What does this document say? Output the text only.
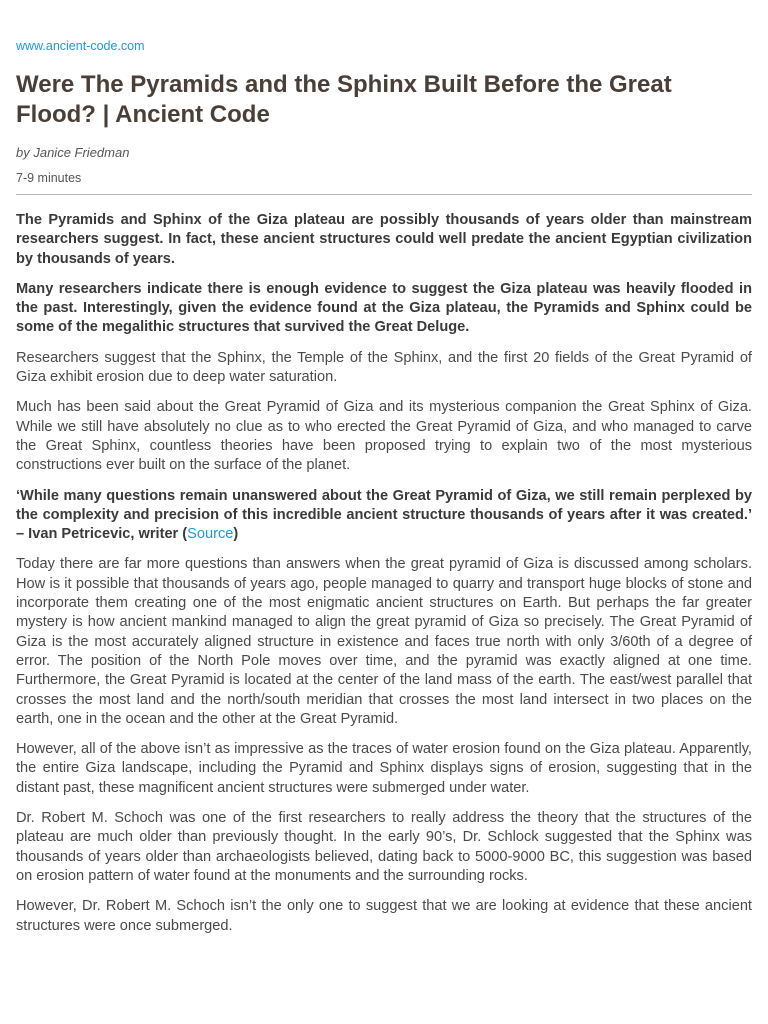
www.ancient-code.com
Were The Pyramids and the Sphinx Built Before the Great Flood? | Ancient Code
by Janice Friedman
7-9 minutes

The Pyramids and Sphinx of the Giza plateau are possibly thousands of years older than mainstream researchers suggest. In fact, these ancient structures could well predate the ancient Egyptian civilization by thousands of years.

Many researchers indicate there is enough evidence to suggest the Giza plateau was heavily flooded in the past. Interestingly, given the evidence found at the Giza plateau, the Pyramids and Sphinx could be some of the megalithic structures that survived the Great Deluge.

Researchers suggest that the Sphinx, the Temple of the Sphinx, and the first 20 fields of the Great Pyramid of Giza exhibit erosion due to deep water saturation.

Much has been said about the Great Pyramid of Giza and its mysterious companion the Great Sphinx of Giza. While we still have absolutely no clue as to who erected the Great Pyramid of Giza, and who managed to carve the Great Sphinx, countless theories have been proposed trying to explain two of the most mysterious constructions ever built on the surface of the planet.

‘While many questions remain unanswered about the Great Pyramid of Giza, we still remain perplexed by the complexity and precision of this incredible ancient structure thousands of years after it was created.’ – Ivan Petricevic, writer (Source)

Today there are far more questions than answers when the great pyramid of Giza is discussed among scholars. How is it possible that thousands of years ago, people managed to quarry and transport huge blocks of stone and incorporate them creating one of the most enigmatic ancient structures on Earth. But perhaps the far greater mystery is how ancient mankind managed to align the great pyramid of Giza so precisely. The Great Pyramid of Giza is the most accurately aligned structure in existence and faces true north with only 3/60th of a degree of error. The position of the North Pole moves over time, and the pyramid was exactly aligned at one time. Furthermore, the Great Pyramid is located at the center of the land mass of the earth. The east/west parallel that crosses the most land and the north/south meridian that crosses the most land intersect in two places on the earth, one in the ocean and the other at the Great Pyramid.

However, all of the above isn’t as impressive as the traces of water erosion found on the Giza plateau. Apparently, the entire Giza landscape, including the Pyramid and Sphinx displays signs of erosion, suggesting that in the distant past, these magnificent ancient structures were submerged under water.

Dr. Robert M. Schoch was one of the first researchers to really address the theory that the structures of the plateau are much older than previously thought. In the early 90’s, Dr. Schlock suggested that the Sphinx was thousands of years older than archaeologists believed, dating back to 5000-9000 BC, this suggestion was based on erosion pattern of water found at the monuments and the surrounding rocks.

However, Dr. Robert M. Schoch isn’t the only one to suggest that we are looking at evidence that these ancient structures were once submerged.
